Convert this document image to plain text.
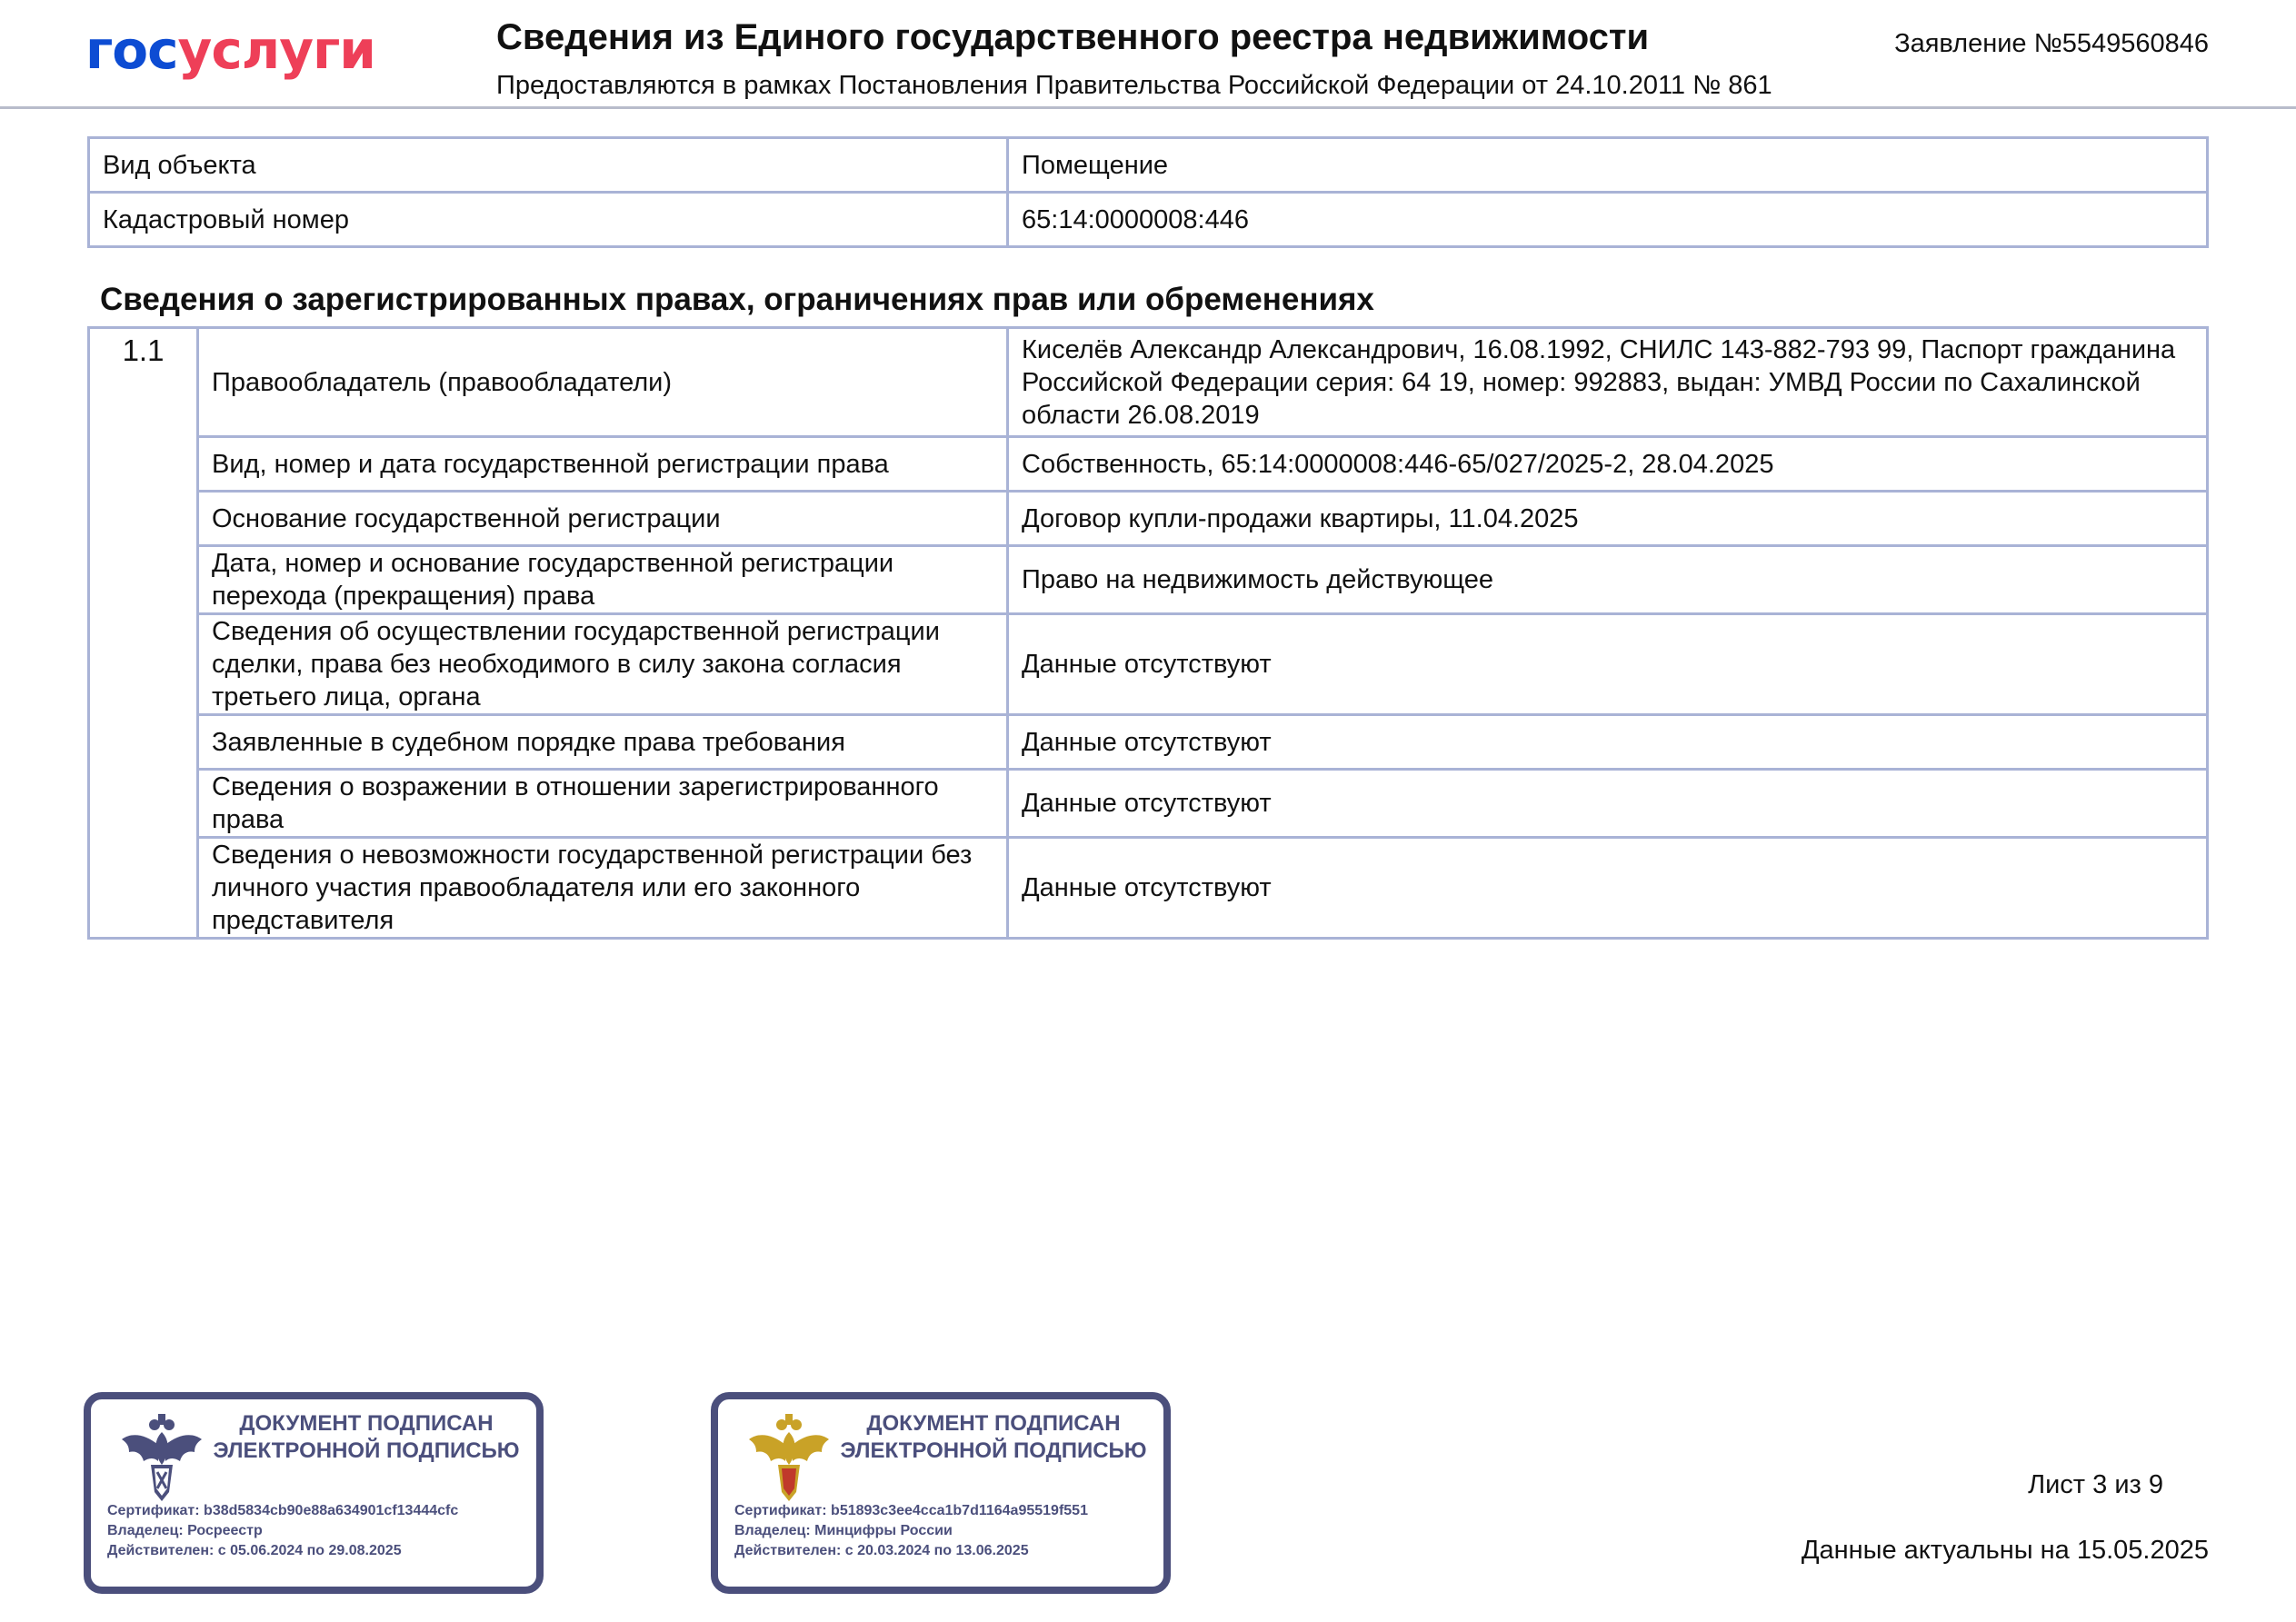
госуслуги	Сведения из Единого государственного реестра недвижимости
Предоставляются в рамках Постановления Правительства Российской Федерации от 24.10.2011 № 861
Заявление №5549560846
Вид объекта	Помещение
Кадастровый номер	65:14:0000008:446
Сведения о зарегистрированных правах, ограничениях прав или обременениях
1.1	Правообладатель (правообладатели)	Киселёв Александр Александрович, 16.08.1992, СНИЛС 143-882-793 99, Паспорт гражданина Российской Федерации серия: 64 19, номер: 992883, выдан: УМВД России по Сахалинской области 26.08.2019
	Вид, номер и дата государственной регистрации права	Собственность, 65:14:0000008:446-65/027/2025-2, 28.04.2025
	Основание государственной регистрации	Договор купли-продажи квартиры, 11.04.2025
	Дата, номер и основание государственной регистрации перехода (прекращения) права	Право на недвижимость действующее
	Сведения об осуществлении государственной регистрации сделки, права без необходимого в силу закона согласия третьего лица, органа	Данные отсутствуют
	Заявленные в судебном порядке права требования	Данные отсутствуют
	Сведения о возражении в отношении зарегистрированного права	Данные отсутствуют
	Сведения о невозможности государственной регистрации без личного участия правообладателя или его законного представителя	Данные отсутствуют
ДОКУМЕНТ ПОДПИСАН ЭЛЕКТРОННОЙ ПОДПИСЬЮ
Сертификат: b38d5834cb90e88a634901cf13444cfc
Владелец: Росреестр
Действителен: с 05.06.2024 по 29.08.2025
ДОКУМЕНТ ПОДПИСАН ЭЛЕКТРОННОЙ ПОДПИСЬЮ
Сертификат: b51893c3ee4cca1b7d1164a95519f551
Владелец: Минцифры России
Действителен: с 20.03.2024 по 13.06.2025
Лист 3 из 9
Данные актуальны на 15.05.2025
